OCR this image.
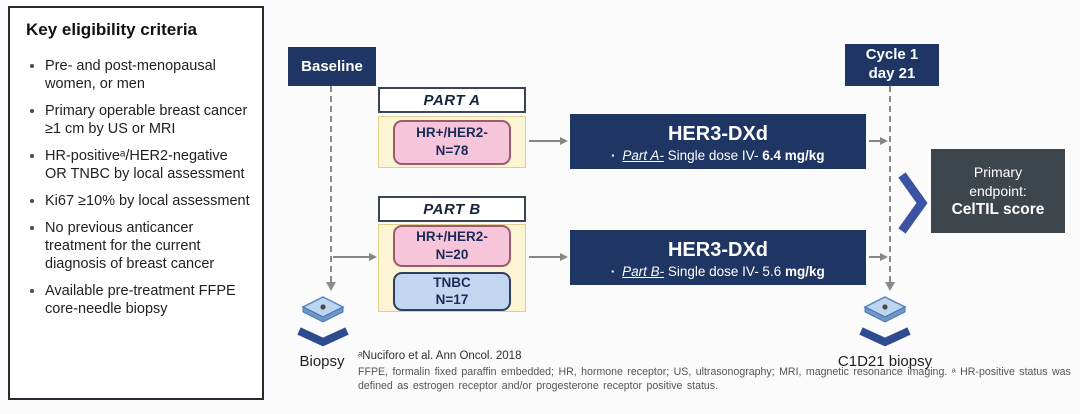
Key eligibility criteria
• Pre- and post-menopausal women, or men
• Primary operable breast cancer ≥1 cm by US or MRI
• HR-positiveᵃ/HER2-negative OR TNBC by local assessment
• Ki67 ≥10% by local assessment
• No previous anticancer treatment for the current diagnosis of breast cancer
• Available pre-treatment FFPE core-needle biopsy
Baseline
PART A
HR+/HER2-
N=78
HER3-DXd
▪ Part A- Single dose IV- 6.4 mg/kg
PART B
HR+/HER2-
N=20
TNBC
N=17
HER3-DXd
▪ Part B- Single dose IV- 5.6 mg/kg
Cycle 1 day 21
Primary endpoint:
CelTIL score
Biopsy	C1D21 biopsy
ᵃNuciforo et al. Ann Oncol. 2018
FFPE, formalin fixed paraffin embedded; HR, hormone receptor; US, ultrasonography; MRI, magnetic resonance imaging. ᵃ HR-positive status was
defined as estrogen receptor and/or progesterone receptor positive status.
